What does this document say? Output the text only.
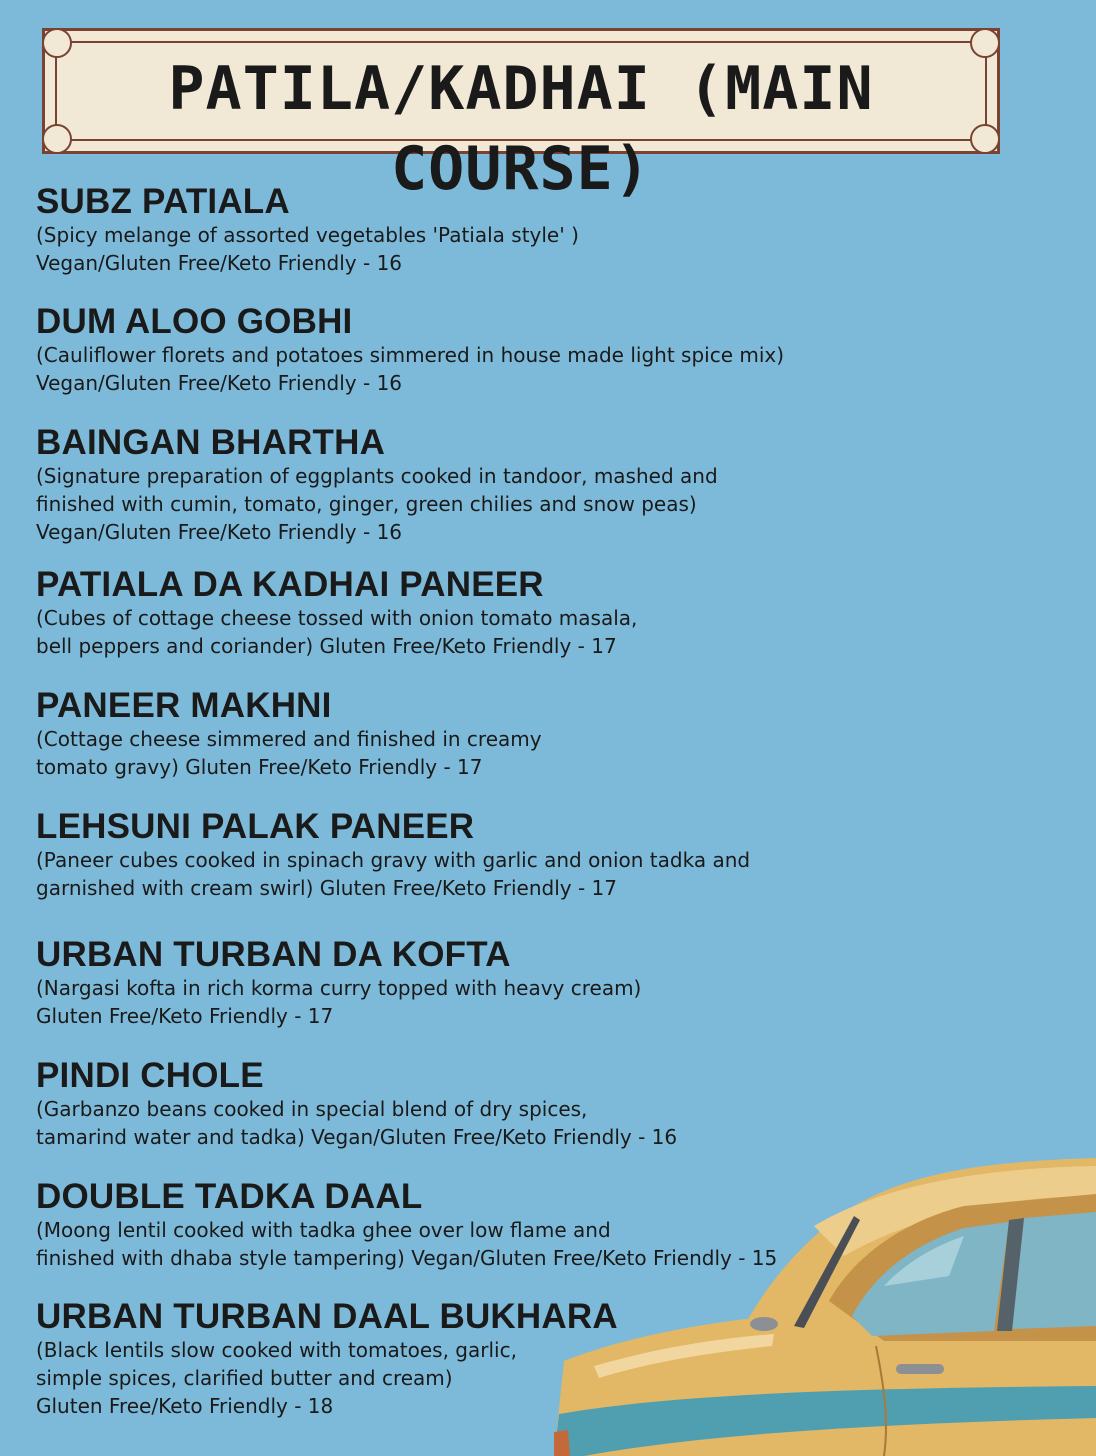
PATILA/KADHAI (MAIN COURSE)
SUBZ PATIALA
(Spicy melange of assorted vegetables 'Patiala style' )
Vegan/Gluten Free/Keto Friendly - 16
DUM ALOO GOBHI
(Cauliflower florets and potatoes simmered in house made light spice mix)
Vegan/Gluten Free/Keto Friendly - 16
BAINGAN BHARTHA
(Signature preparation of eggplants cooked in tandoor, mashed and
finished with cumin, tomato, ginger, green chilies and snow peas)
Vegan/Gluten Free/Keto Friendly - 16
PATIALA DA KADHAI PANEER
(Cubes of cottage cheese tossed with onion tomato masala,
bell peppers and coriander) Gluten Free/Keto Friendly - 17
PANEER MAKHNI
(Cottage cheese simmered and finished in creamy
tomato gravy) Gluten Free/Keto Friendly - 17
LEHSUNI PALAK PANEER
(Paneer cubes cooked in spinach gravy with garlic and onion tadka and
garnished with cream swirl) Gluten Free/Keto Friendly - 17
URBAN TURBAN DA KOFTA
(Nargasi kofta in rich korma curry topped with heavy cream)
Gluten Free/Keto Friendly - 17
PINDI CHOLE
(Garbanzo beans cooked in special blend of dry spices,
tamarind water and tadka) Vegan/Gluten Free/Keto Friendly - 16
DOUBLE TADKA DAAL
(Moong lentil cooked with tadka ghee over low flame and
finished with dhaba style tampering) Vegan/Gluten Free/Keto Friendly - 15
URBAN TURBAN DAAL BUKHARA
(Black lentils slow cooked with tomatoes, garlic,
simple spices, clarified butter and cream)
Gluten Free/Keto Friendly - 18
